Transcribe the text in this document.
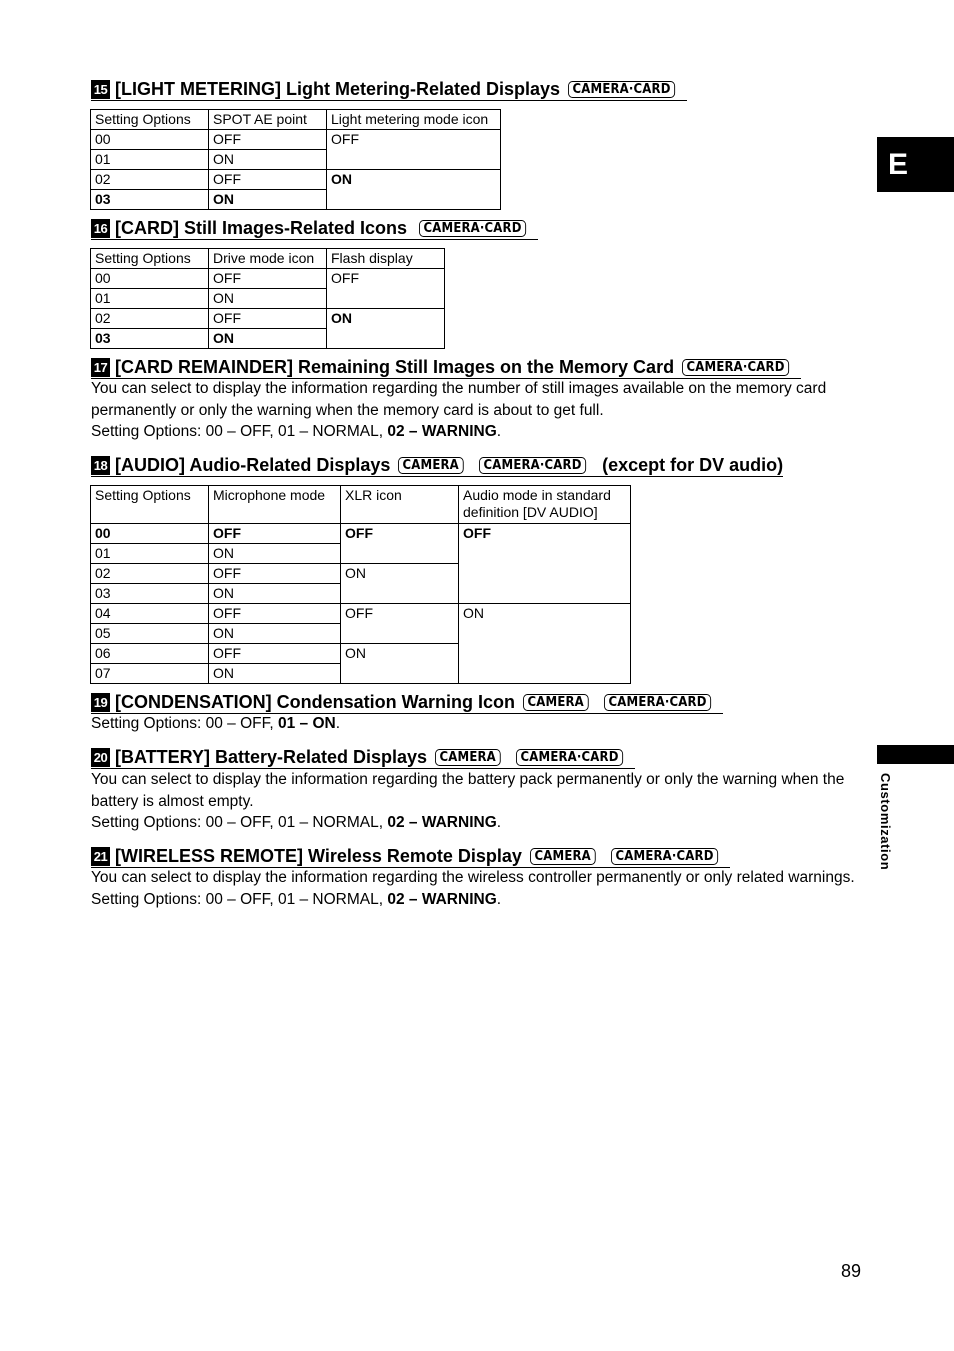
E
Customization
15 [LIGHT METERING] Light Metering-Related Displays CAMERA·CARD
Setting Options	SPOT AE point	Light metering mode icon
00	OFF	OFF
01	ON	
02	OFF	ON
03	ON	
16 [CARD] Still Images-Related Icons	CAMERA·CARD
Setting Options	Drive mode icon	Flash display
00	OFF	OFF
01	ON	
02	OFF	ON
03	ON	
17 [CARD REMAINDER] Remaining Still Images on the Memory Card CAMERA·CARD
You can select to display the information regarding the number of still images available on the memory card permanently or only the warning when the memory card is about to get full.
Setting Options: 00 – OFF, 01 – NORMAL, 02 – WARNING.
18 [AUDIO] Audio-Related Displays CAMERA	CAMERA·CARD (except for DV audio)
Setting Options	Microphone mode	XLR icon	Audio mode in standard definition [DV AUDIO]
00	OFF	OFF	OFF
01	ON		
02	OFF	ON	
03	ON		
04	OFF	OFF	ON
05	ON		
06	OFF	ON	
07	ON		
19 [CONDENSATION] Condensation Warning Icon CAMERA	CAMERA·CARD
Setting Options: 00 – OFF, 01 – ON.
20 [BATTERY] Battery-Related Displays CAMERA	CAMERA·CARD
You can select to display the information regarding the battery pack permanently or only the warning when the battery is almost empty.
Setting Options: 00 – OFF, 01 – NORMAL, 02 – WARNING.
21 [WIRELESS REMOTE] Wireless Remote Display CAMERA	CAMERA·CARD
You can select to display the information regarding the wireless controller permanently or only related warnings.
Setting Options: 00 – OFF, 01 – NORMAL, 02 – WARNING.
89
